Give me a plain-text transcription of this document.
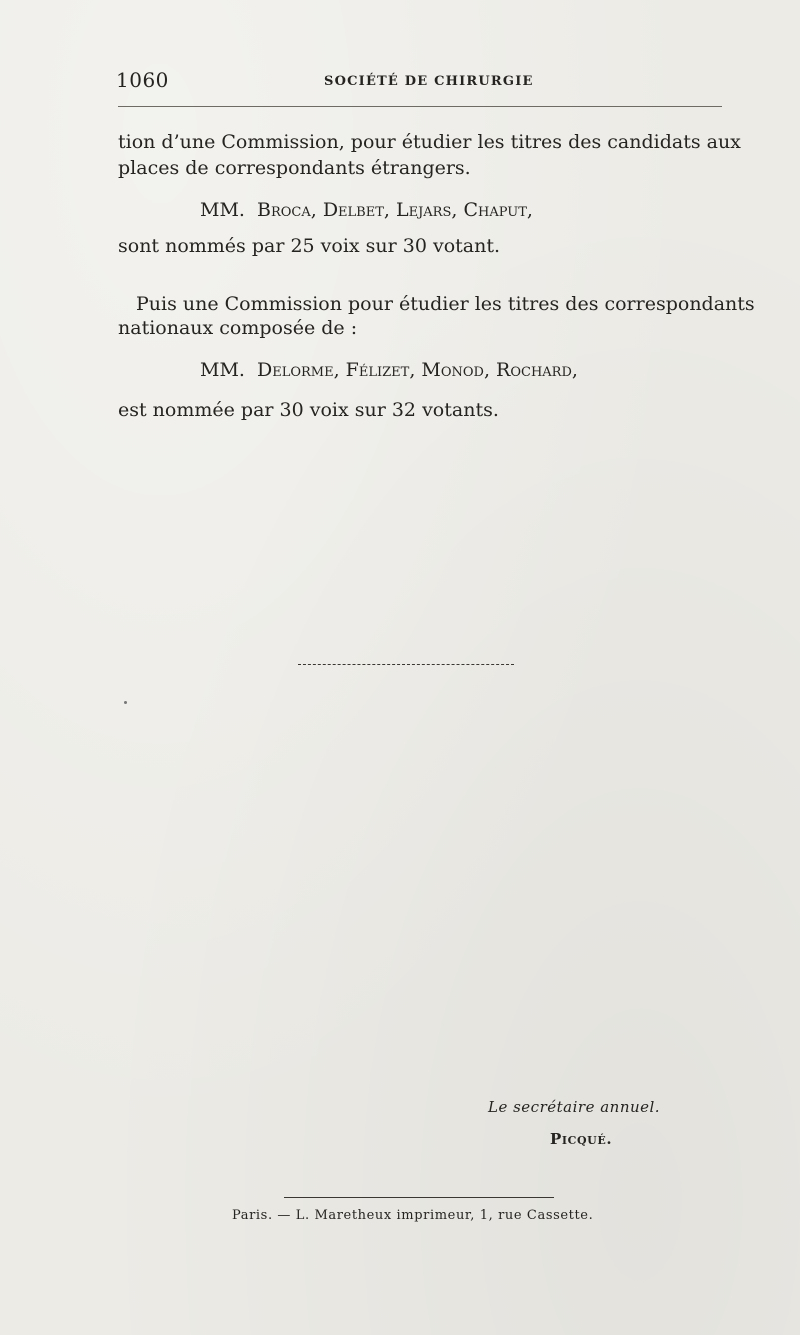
1060	SOCIÉTÉ DE CHIRURGIE
tion d’une Commission, pour étudier les titres des candidats aux
places de correspondants étrangers.
MM. Broca, Delbet, Lejars, Chaput,
sont nommés par 25 voix sur 30 votant.
Puis une Commission pour étudier les titres des correspondants
nationaux composée de :
MM. Delorme, Félizet, Monod, Rochard,
est nommée par 30 voix sur 32 votants.
Le secrétaire annuel.
Picqué.
Paris. — L. Maretheux imprimeur, 1, rue Cassette.
